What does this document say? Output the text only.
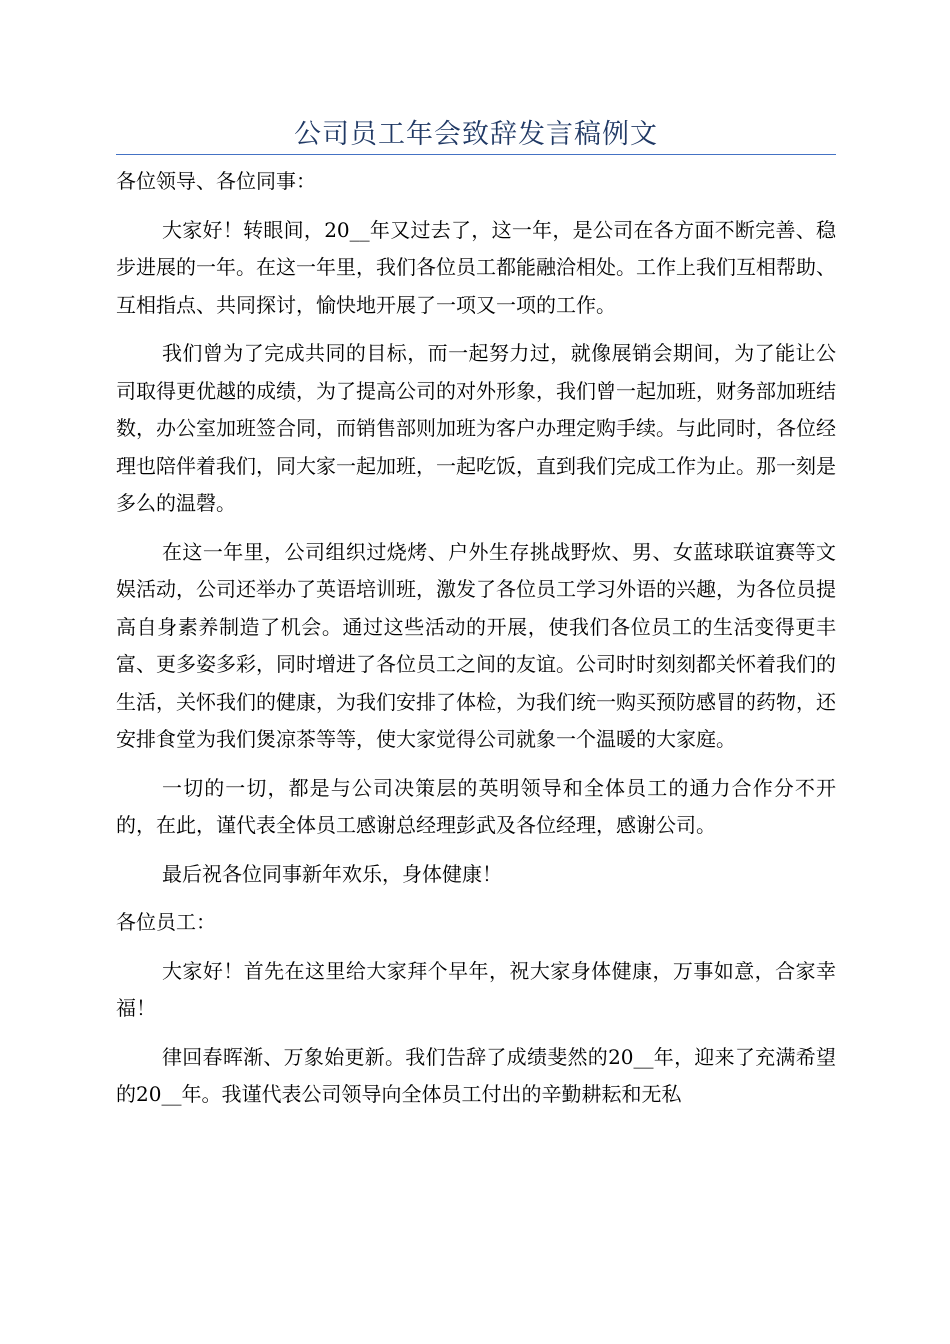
公司员工年会致辞发言稿例文

各位领导、各位同事：

大家好！转眼间，20__年又过去了，这一年，是公司在各方面不断完善、稳步进展的一年。在这一年里，我们各位员工都能融洽相处。工作上我们互相帮助、互相指点、共同探讨，愉快地开展了一项又一项的工作。

我们曾为了完成共同的目标，而一起努力过，就像展销会期间，为了能让公司取得更优越的成绩，为了提高公司的对外形象，我们曾一起加班，财务部加班结数，办公室加班签合同，而销售部则加班为客户办理定购手续。与此同时，各位经理也陪伴着我们，同大家一起加班，一起吃饭，直到我们完成工作为止。那一刻是多么的温磬。

在这一年里，公司组织过烧烤、户外生存挑战野炊、男、女蓝球联谊赛等文娱活动，公司还举办了英语培训班，激发了各位员工学习外语的兴趣，为各位员提高自身素养制造了机会。通过这些活动的开展，使我们各位员工的生活变得更丰富、更多姿多彩，同时增进了各位员工之间的友谊。公司时时刻刻都关怀着我们的生活，关怀我们的健康，为我们安排了体检，为我们统一购买预防感冒的药物，还安排食堂为我们煲凉茶等等，使大家觉得公司就象一个温暖的大家庭。

一切的一切，都是与公司决策层的英明领导和全体员工的通力合作分不开的，在此，谨代表全体员工感谢总经理彭武及各位经理，感谢公司。

最后祝各位同事新年欢乐，身体健康！

各位员工：

大家好！首先在这里给大家拜个早年，祝大家身体健康，万事如意，合家幸福！

律回春晖渐、万象始更新。我们告辞了成绩斐然的20__年，迎来了充满希望的20__年。我谨代表公司领导向全体员工付出的辛勤耕耘和无私
